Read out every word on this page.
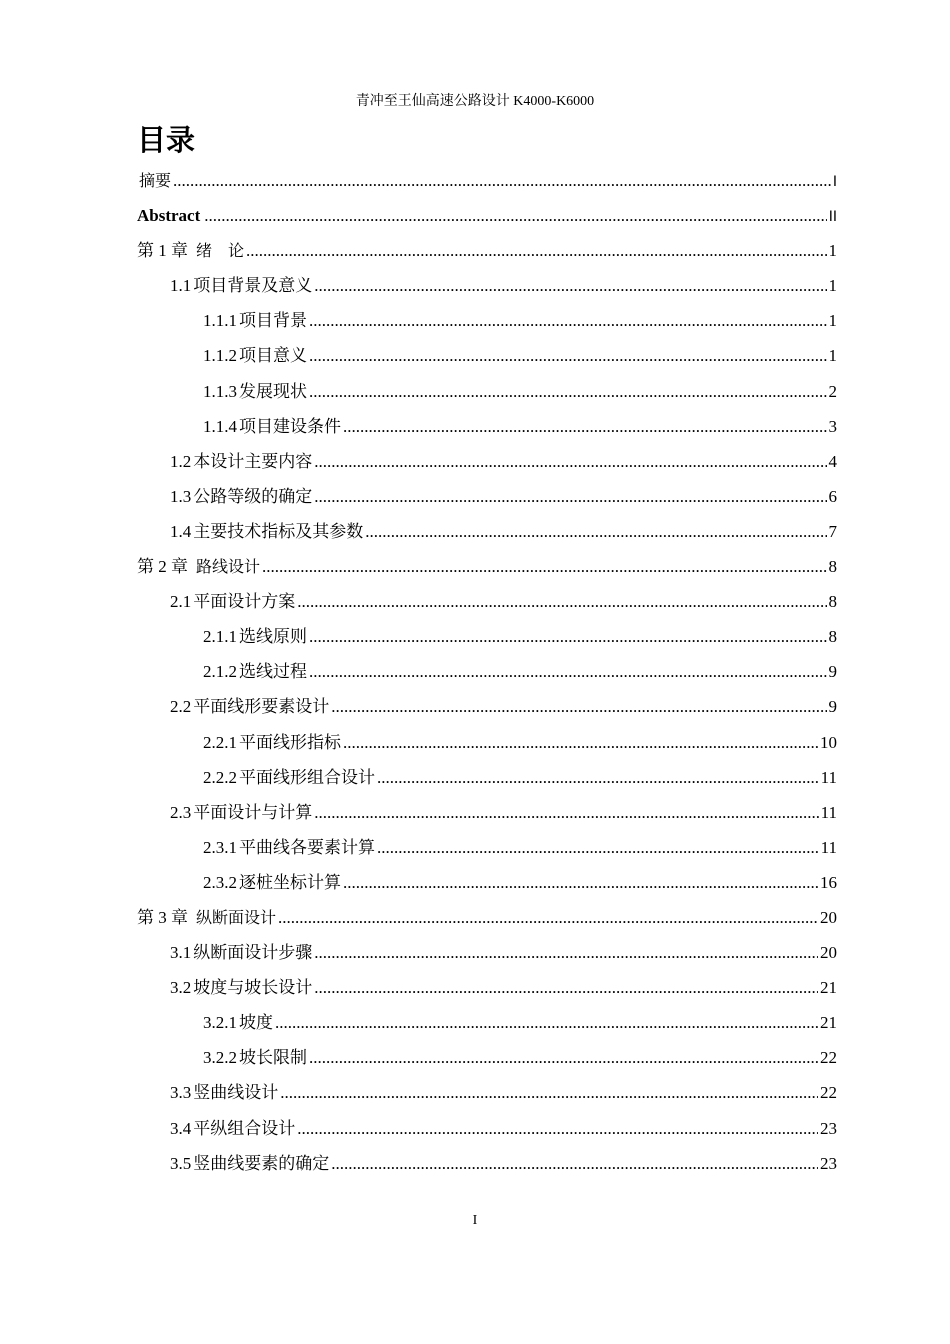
青冲至王仙高速公路设计 K4000-K6000
目录
摘要 .....	I
Abstract .....	II
第 1 章 绪　论 .....	1
1.1 项目背景及意义 .....	1
1.1.1 项目背景 .....	1
1.1.2 项目意义 .....	1
1.1.3 发展现状 .....	2
1.1.4 项目建设条件 .....	3
1.2 本设计主要内容 .....	4
1.3 公路等级的确定 .....	6
1.4 主要技术指标及其参数 .....	7
第 2 章 路线设计 .....	8
2.1 平面设计方案 .....	8
2.1.1 选线原则 .....	8
2.1.2 选线过程 .....	9
2.2 平面线形要素设计 .....	9
2.2.1 平面线形指标 .....	10
2.2.2 平面线形组合设计 .....	11
2.3 平面设计与计算 .....	11
2.3.1 平曲线各要素计算 .....	11
2.3.2 逐桩坐标计算 .....	16
第 3 章 纵断面设计 .....	20
3.1 纵断面设计步骤 .....	20
3.2 坡度与坡长设计 .....	21
3.2.1 坡度 .....	21
3.2.2 坡长限制 .....	22
3.3 竖曲线设计 .....	22
3.4 平纵组合设计 .....	23
3.5 竖曲线要素的确定 .....	23
I
